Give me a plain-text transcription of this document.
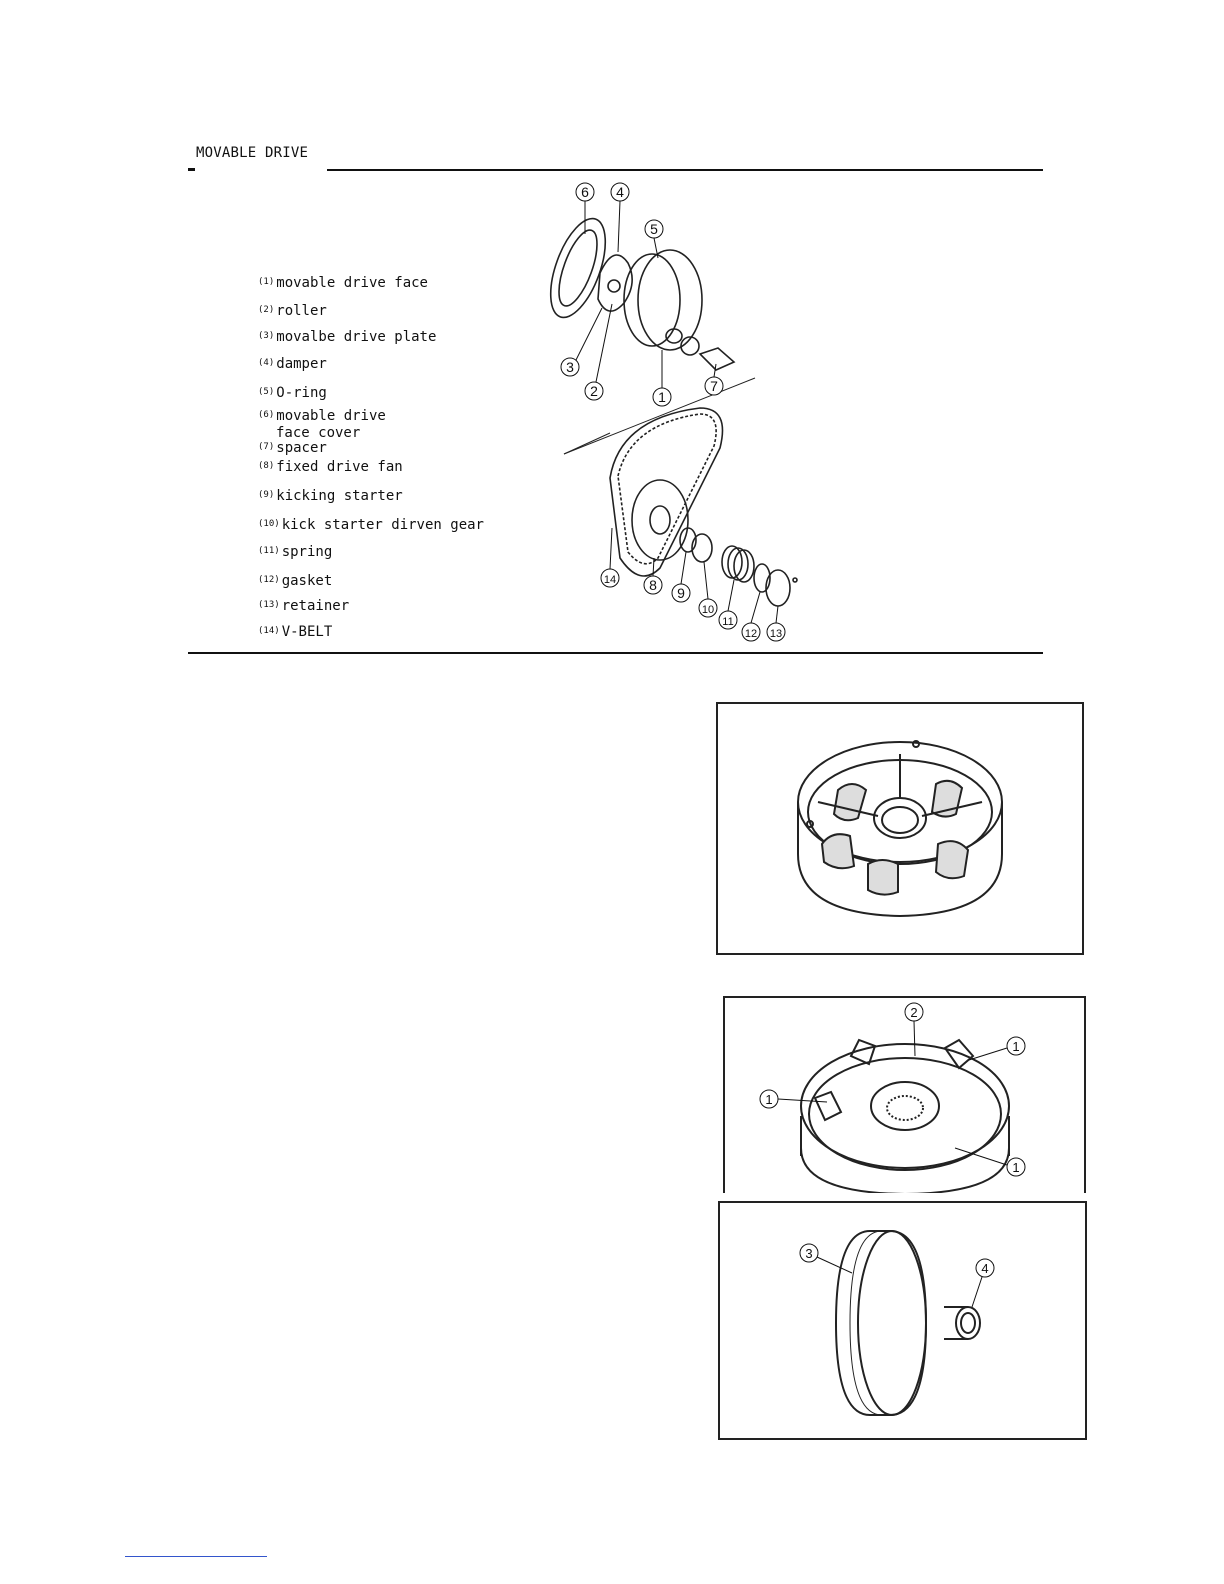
MOVABLE DRIVE
$^{(1)}$ movable drive face
$^{(2)}$ roller
$^{(3)}$ movalbe drive plate
$^{(4)}$ damper
$^{(5)}$ O-ring
$^{(6)}$ movable drive
face cover
$^{(7)}$ spacer
$^{(8)}$ fixed drive fan
$^{(9)}$ kicking starter
$^{(10)}$ kick starter dirven gear
$^{(11)}$ spring
$^{(12)}$ gasket
$^{(13)}$ retainer
$^{(14)}$ V-BELT
6 4
5
3
2	1
7
14 8 9
10
11
12 13
2
1
1
1
3
4
